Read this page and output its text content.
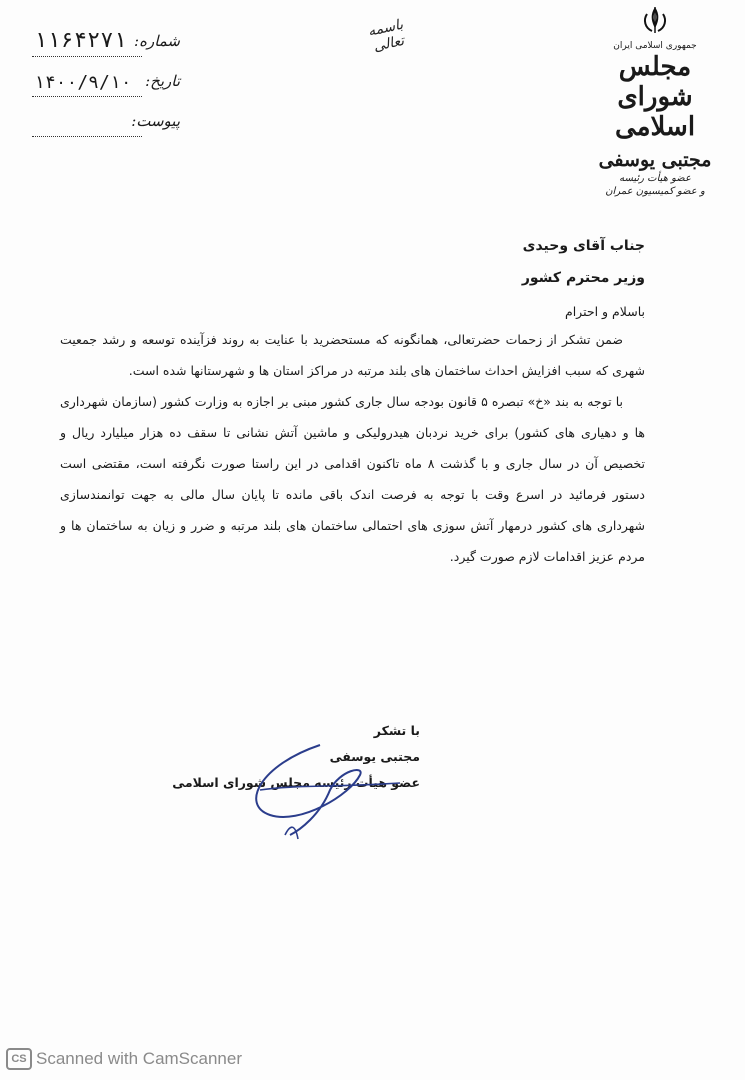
جمهوری اسلامی ایران
مجلس شورای اسلامی
مجتبی یوسفی
عضو هیأت رئیسه
و عضو کمیسیون عمران
باسمه تعالی
شماره:
۱۱۶۴۲۷۱
تاریخ:
۱۴۰۰/۹/۱۰
پیوست:
جناب آقای وحیدی
وزیر محترم کشور
باسلام و احترام

ضمن تشکر از زحمات حضرتعالی، همانگونه که مستحضرید با عنایت به روند فزآینده توسعه و رشد جمعیت شهری که سبب افزایش احداث ساختمان های بلند مرتبه در مراکز استان ها و شهرستانها شده است.

با توجه به بند «خ» تبصره ۵ قانون بودجه سال جاری کشور مبنی بر اجازه به وزارت کشور (سازمان شهرداری ها و دهیاری های کشور) برای خرید نردبان هیدرولیکی و ماشین آتش نشانی تا سقف ده هزار میلیارد ریال و تخصیص آن در سال جاری و با گذشت ۸ ماه تاکنون اقدامی در این راستا صورت نگرفته است، مقتضی است دستور فرمائید در اسرع وقت با توجه به فرصت اندک باقی مانده تا پایان سال مالی به جهت توانمندسازی شهرداری های کشور درمهار آتش سوزی های احتمالی ساختمان های بلند مرتبه و ضرر و زیان به ساختمان ها و مردم عزیز اقدامات لازم صورت گیرد.

با تشکر
مجتبی یوسفی
عضو هیأت رئیسه مجلس شورای اسلامی
CS Scanned with CamScanner
